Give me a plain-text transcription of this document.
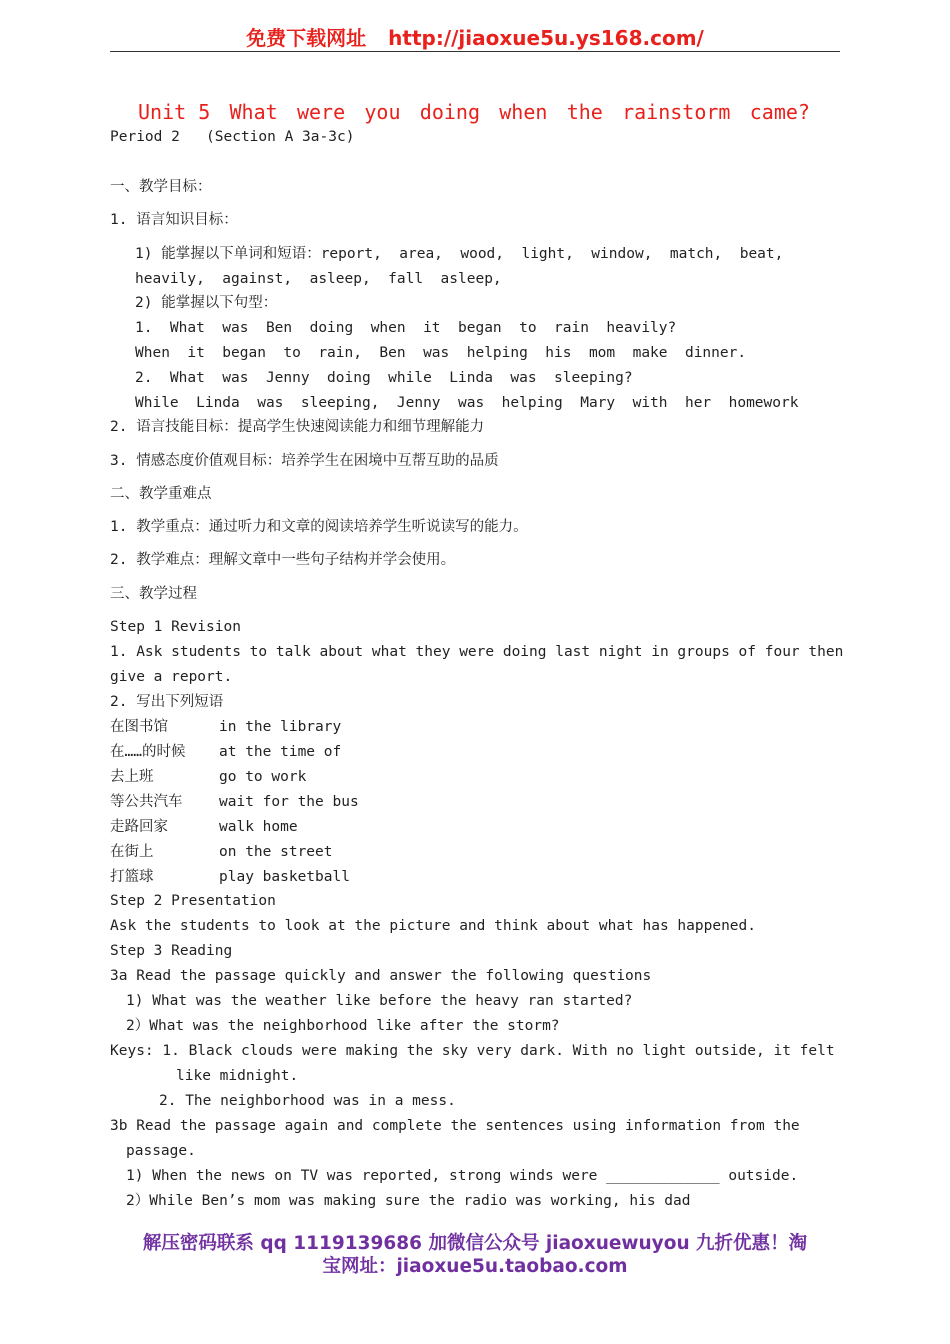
免费下载网址 http://jiaoxue5u.ys168.com/
Unit 5 What were you doing when the rainstorm came?
Period 2   (Section A 3a-3c)
一、教学目标：
1. 语言知识目标：
1) 能掌握以下单词和短语：report,  area,  wood,  light,  window,  match,  beat,
heavily,  against,  asleep,  fall  asleep,
2) 能掌握以下句型：
1.  What  was  Ben  doing  when  it  began  to  rain  heavily?
When  it  began  to  rain,  Ben  was  helping  his  mom  make  dinner.
2.  What  was  Jenny  doing  while  Linda  was  sleeping?
While  Linda  was  sleeping,  Jenny  was  helping  Mary  with  her  homework
2. 语言技能目标：提高学生快速阅读能力和细节理解能力
3. 情感态度价值观目标：培养学生在困境中互帮互助的品质
二、教学重难点
1. 教学重点：通过听力和文章的阅读培养学生听说读写的能力。
2. 教学难点：理解文章中一些句子结构并学会使用。
三、教学过程
Step 1 Revision
1. Ask students to talk about what they were doing last night in groups of four then
give a report.
2. 写出下列短语
在图书馆	in the library
在……的时候 at the time of
去上班	go to work
等公共汽车	wait for the bus
走路回家	walk home
在街上	on the street
打篮球	play basketball
Step 2 Presentation
Ask the students to look at the picture and think about what has happened.
Step 3 Reading
3a Read the passage quickly and answer the following questions
1) What was the weather like before the heavy ran started?
2）What was the neighborhood like after the storm?
Keys: 1. Black clouds were making the sky very dark. With no light outside, it felt
like midnight.
2. The neighborhood was in a mess.
3b Read the passage again and complete the sentences using information from the
passage.
1) When the news on TV was reported, strong winds were _____________ outside.
2）While Ben’s mom was making sure the radio was working, his dad
解压密码联系 qq 1119139686 加微信公众号 jiaoxuewuyou 九折优惠！淘
宝网址：jiaoxue5u.taobao.com
